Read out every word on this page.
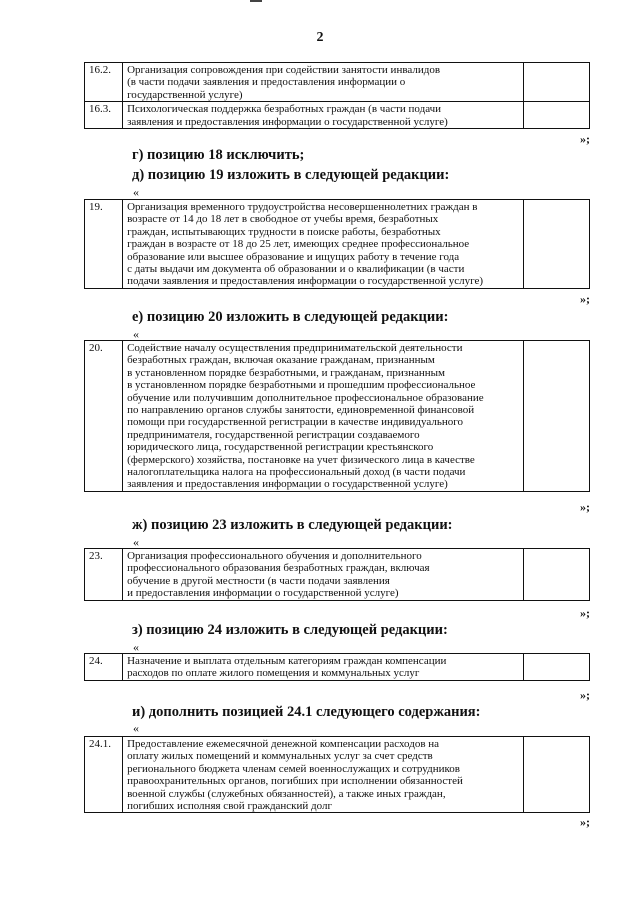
2
16.2.	Организация сопровождения при содействии занятости инвалидов
(в части подачи заявления и предоставления информации о
государственной услуге)	
16.3.	Психологическая поддержка безработных граждан (в части подачи
заявления и предоставления информации о государственной услуге)	
»;
г) позицию 18 исключить;
д) позицию 19 изложить в следующей редакции:
«
19.	Организация временного трудоустройства несовершеннолетних граждан в
возрасте от 14 до 18 лет в свободное от учебы время, безработных
граждан, испытывающих трудности в поиске работы, безработных
граждан в возрасте от 18 до 25 лет, имеющих среднее профессиональное
образование или высшее образование и ищущих работу в течение года
с даты выдачи им документа об образовании и о квалификации (в части
подачи заявления и предоставления информации о государственной услуге)	
»;
е) позицию 20 изложить в следующей редакции:
«
20.	Содействие началу осуществления предпринимательской деятельности
безработных граждан, включая оказание гражданам, признанным
в установленном порядке безработными, и гражданам, признанным
в установленном порядке безработными и прошедшим профессиональное
обучение или получившим дополнительное профессиональное образование
по направлению органов службы занятости, единовременной финансовой
помощи при государственной регистрации в качестве индивидуального
предпринимателя, государственной регистрации создаваемого
юридического лица, государственной регистрации крестьянского
(фермерского) хозяйства, постановке на учет физического лица в качестве
налогоплательщика налога на профессиональный доход (в части подачи
заявления и предоставления информации о государственной услуге)	
»;
ж) позицию 23 изложить в следующей редакции:
«
23.	Организация профессионального обучения и дополнительного
профессионального образования безработных граждан, включая
обучение в другой местности (в части подачи заявления
и предоставления информации о государственной услуге)	
»;
з) позицию 24 изложить в следующей редакции:
«
24.	Назначение и выплата отдельным категориям граждан компенсации
расходов по оплате жилого помещения и коммунальных услуг	
»;
и) дополнить позицией 24.1 следующего содержания:
«
24.1.	Предоставление ежемесячной денежной компенсации расходов на
оплату жилых помещений и коммунальных услуг за счет средств
регионального бюджета членам семей военнослужащих и сотрудников
правоохранительных органов, погибших при исполнении обязанностей
военной службы (служебных обязанностей), а также иных граждан,
погибших исполняя свой гражданский долг	
»;
